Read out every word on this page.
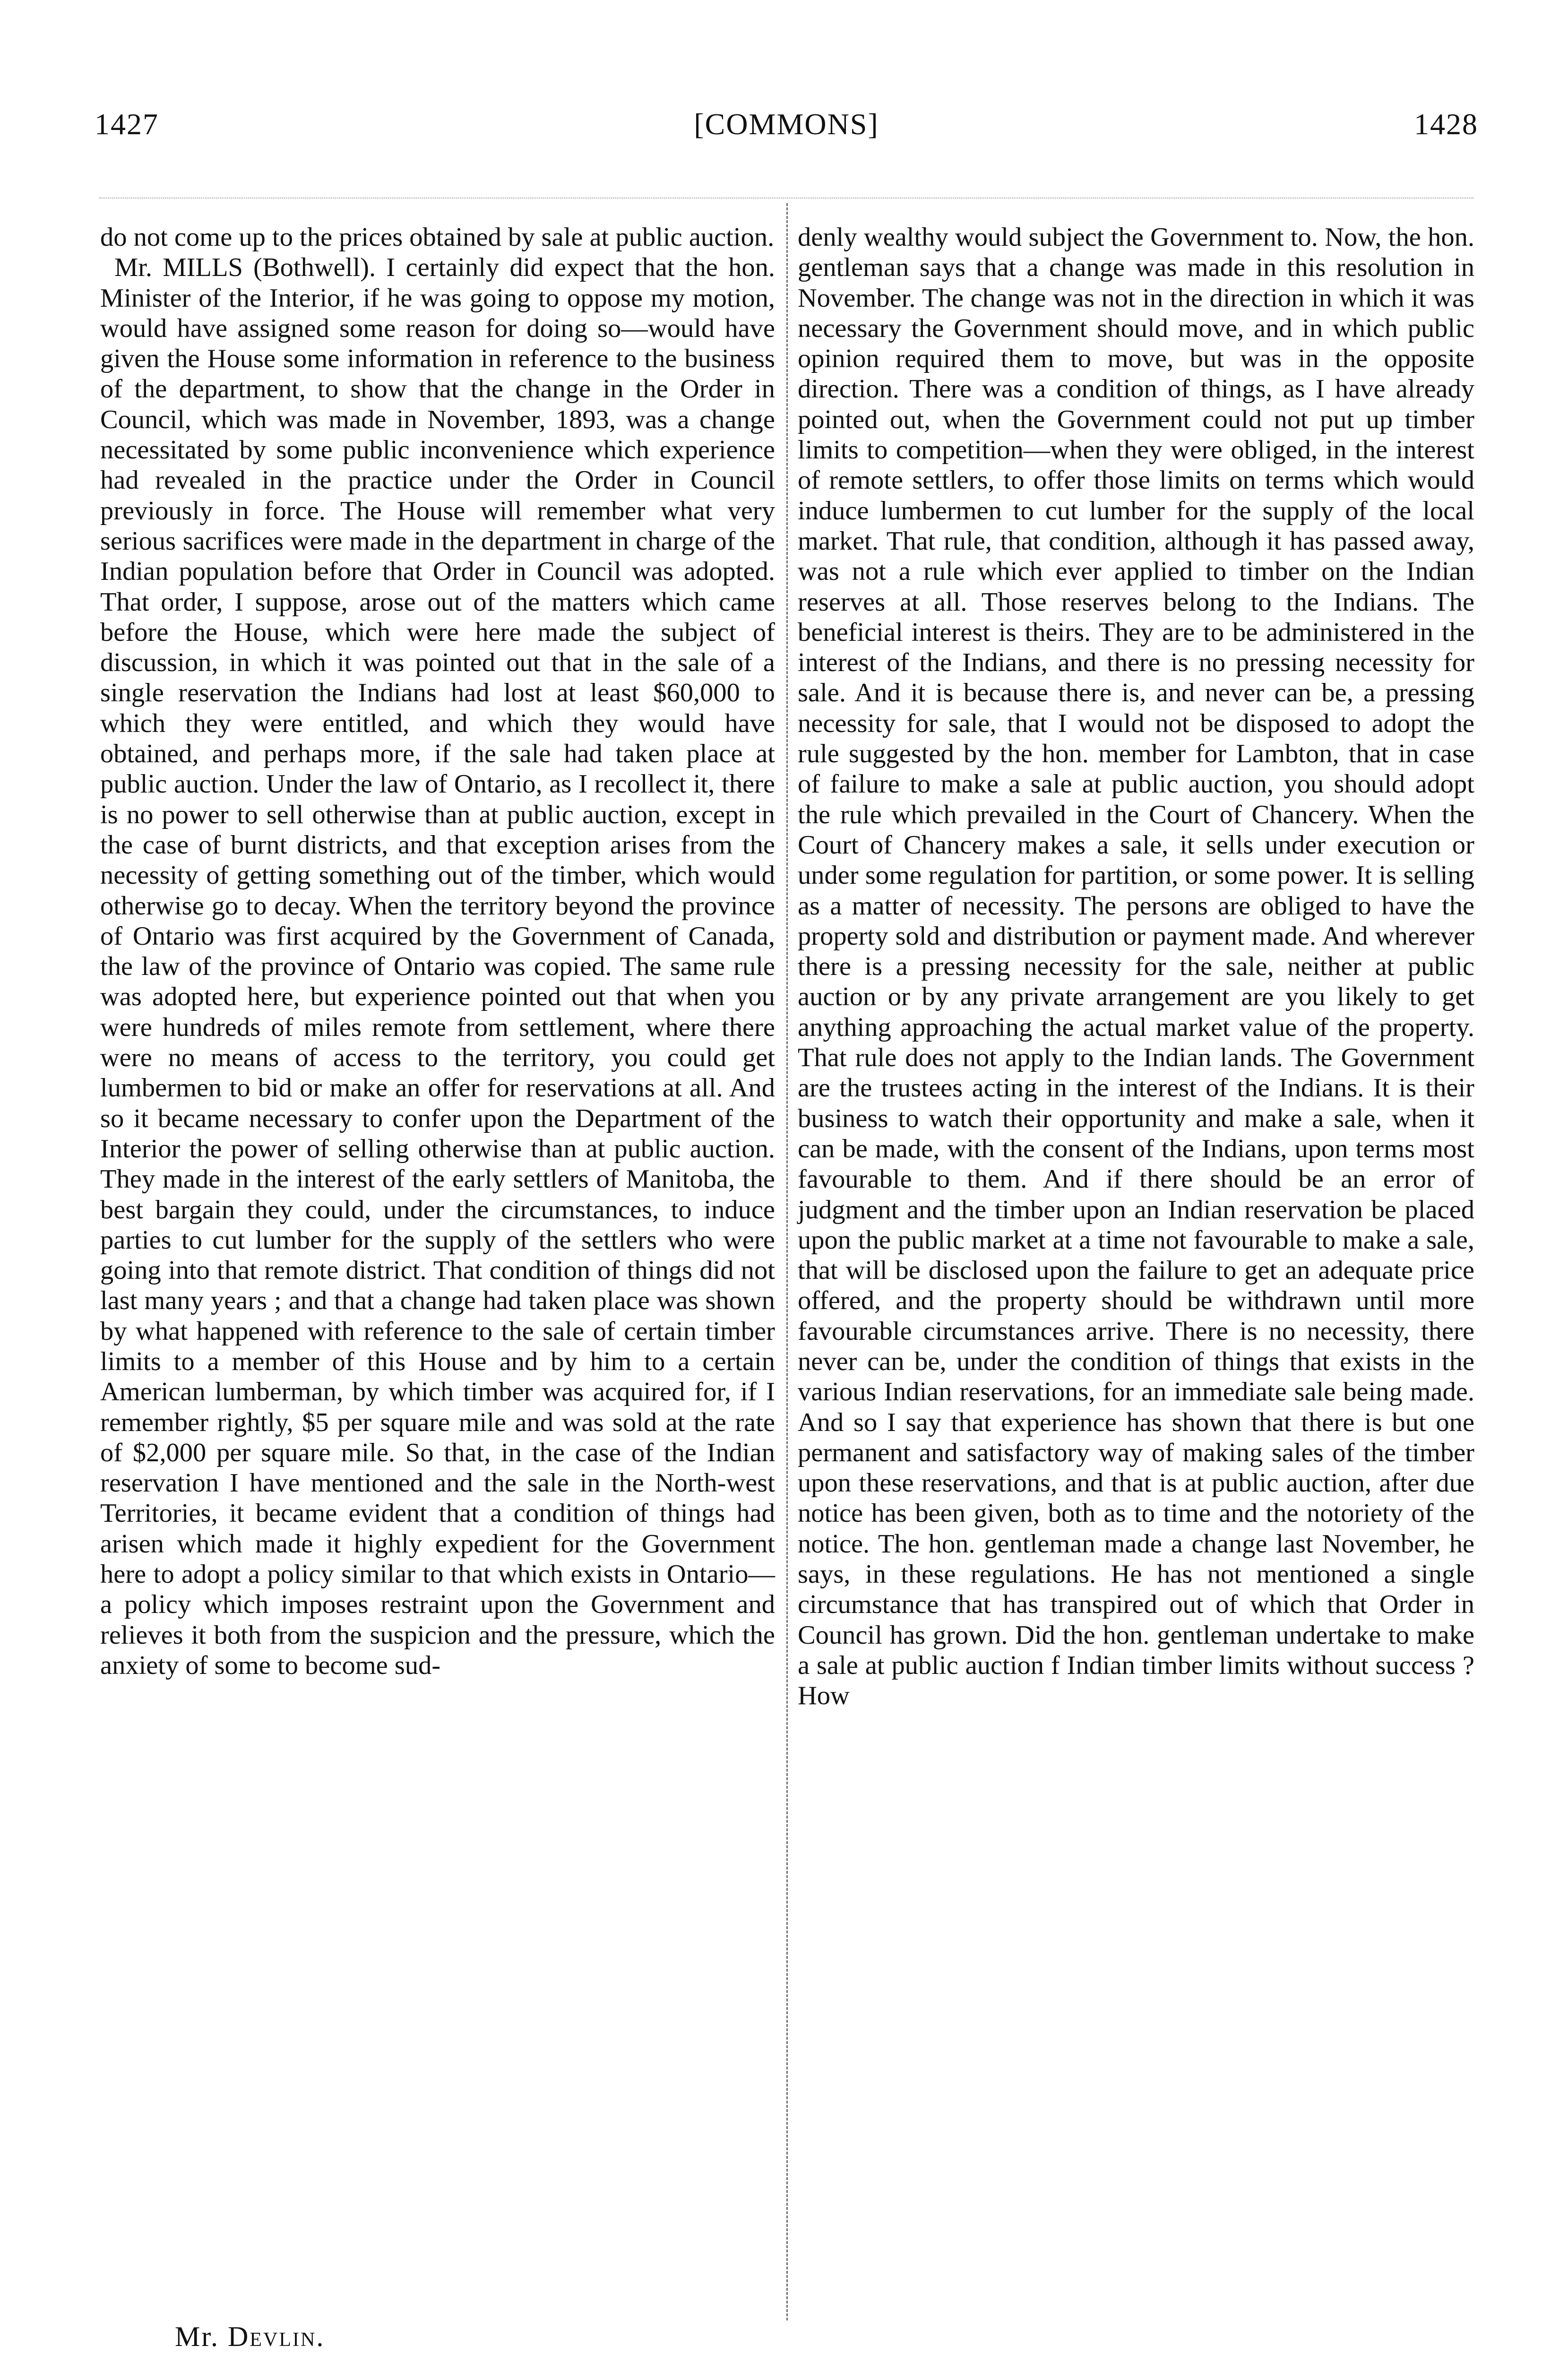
1427	[COMMONS]	1428

do not come up to the prices obtained by sale at public auction.

Mr. MILLS (Bothwell). I certainly did expect that the hon. Minister of the Interior, if he was going to oppose my motion, would have assigned some reason for doing so—would have given the House some information in reference to the business of the department, to show that the change in the Order in Council, which was made in November, 1893, was a change necessitated by some public inconvenience which experience had revealed in the practice under the Order in Council previously in force. The House will remember what very serious sacrifices were made in the department in charge of the Indian population before that Order in Council was adopted. That order, I suppose, arose out of the matters which came before the House, which were here made the subject of discussion, in which it was pointed out that in the sale of a single reservation the Indians had lost at least $60,000 to which they were entitled, and which they would have obtained, and perhaps more, if the sale had taken place at public auction. Under the law of Ontario, as I recollect it, there is no power to sell otherwise than at public auction, except in the case of burnt districts, and that exception arises from the necessity of getting something out of the timber, which would otherwise go to decay. When the territory beyond the province of Ontario was first acquired by the Government of Canada, the law of the province of Ontario was copied. The same rule was adopted here, but experience pointed out that when you were hundreds of miles remote from settlement, where there were no means of access to the territory, you could get lumbermen to bid or make an offer for reservations at all. And so it became necessary to confer upon the Department of the Interior the power of selling otherwise than at public auction. They made in the interest of the early settlers of Manitoba, the best bargain they could, under the circumstances, to induce parties to cut lumber for the supply of the settlers who were going into that remote district. That condition of things did not last many years ; and that a change had taken place was shown by what happened with reference to the sale of certain timber limits to a member of this House and by him to a certain American lumberman, by which timber was acquired for, if I remember rightly, $5 per square mile and was sold at the rate of $2,000 per square mile. So that, in the case of the Indian reservation I have mentioned and the sale in the North-west Territories, it became evident that a condition of things had arisen which made it highly expedient for the Government here to adopt a policy similar to that which exists in Ontario—a policy which imposes restraint upon the Government and relieves it both from the suspicion and the pressure, which the anxiety of some to become sud-

denly wealthy would subject the Government to. Now, the hon. gentleman says that a change was made in this resolution in November. The change was not in the direction in which it was necessary the Government should move, and in which public opinion required them to move, but was in the opposite direction. There was a condition of things, as I have already pointed out, when the Government could not put up timber limits to competition—when they were obliged, in the interest of remote settlers, to offer those limits on terms which would induce lumbermen to cut lumber for the supply of the local market. That rule, that condition, although it has passed away, was not a rule which ever applied to timber on the Indian reserves at all. Those reserves belong to the Indians. The beneficial interest is theirs. They are to be administered in the interest of the Indians, and there is no pressing necessity for sale. And it is because there is, and never can be, a pressing necessity for sale, that I would not be disposed to adopt the rule suggested by the hon. member for Lambton, that in case of failure to make a sale at public auction, you should adopt the rule which prevailed in the Court of Chancery. When the Court of Chancery makes a sale, it sells under execution or under some regulation for partition, or some power. It is selling as a matter of necessity. The persons are obliged to have the property sold and distribution or payment made. And wherever there is a pressing necessity for the sale, neither at public auction or by any private arrangement are you likely to get anything approaching the actual market value of the property. That rule does not apply to the Indian lands. The Government are the trustees acting in the interest of the Indians. It is their business to watch their opportunity and make a sale, when it can be made, with the consent of the Indians, upon terms most favourable to them. And if there should be an error of judgment and the timber upon an Indian reservation be placed upon the public market at a time not favourable to make a sale, that will be disclosed upon the failure to get an adequate price offered, and the property should be withdrawn until more favourable circumstances arrive. There is no necessity, there never can be, under the condition of things that exists in the various Indian reservations, for an immediate sale being made. And so I say that experience has shown that there is but one permanent and satisfactory way of making sales of the timber upon these reservations, and that is at public auction, after due notice has been given, both as to time and the notoriety of the notice. The hon. gentleman made a change last November, he says, in these regulations. He has not mentioned a single circumstance that has transpired out of which that Order in Council has grown. Did the hon. gentleman undertake to make a sale at public auction f Indian timber limits without success ? How

Mr. Devlin.
